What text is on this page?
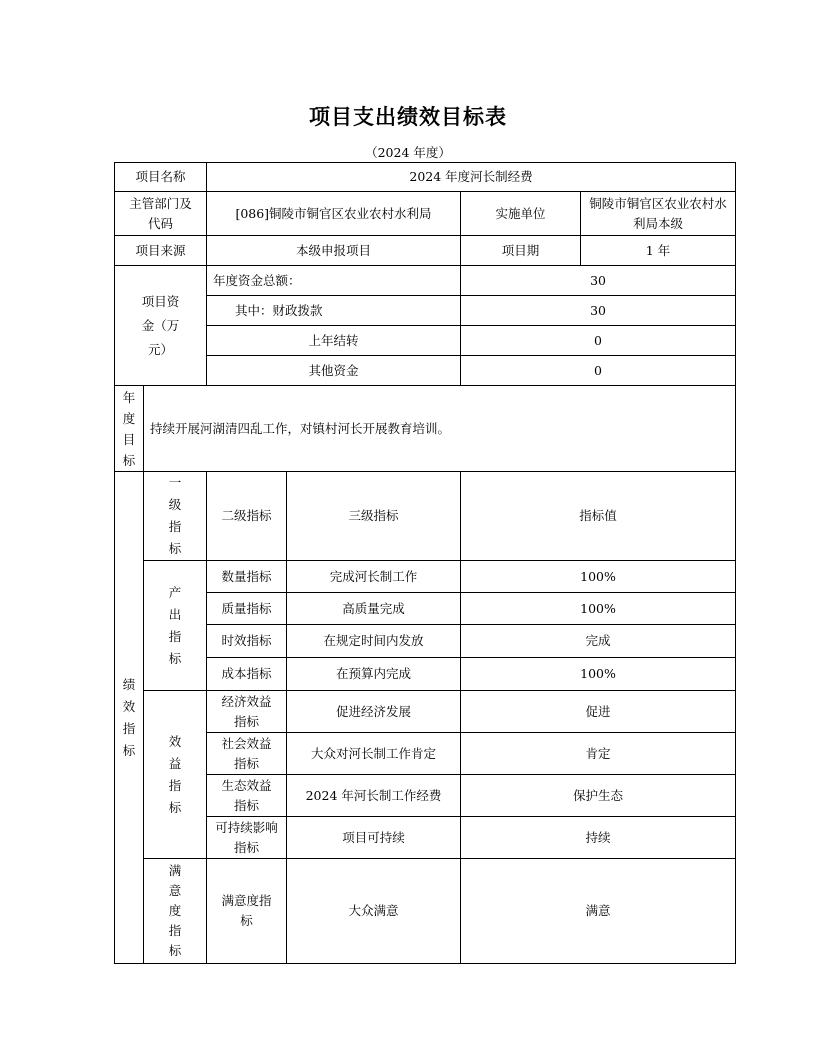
项目支出绩效目标表
（2024 年度）
项目名称		2024 年度河长制经费			

主管部门及代码		[086]铜陵市铜官区农业农村水利局		实施单位	铜陵市铜官区农业农村水利局本级

项目来源		本级申报项目		项目期	1 年

项目资金（万元）		年度资金总额：		30	
		其中：财政拨款		30	
		上年结转		0	
		其他资金		0	
年度目标	持续开展河湖清四乱工作，对镇村河长开展教育培训。				
绩效指标	一级指标	二级指标	三级指标	指标值	
	产出指标	数量指标	完成河长制工作	100%	
		质量指标	高质量完成	100%	
		时效指标	在规定时间内发放	完成	
		成本指标	在预算内完成	100%	
	效益指标	经济效益指标	促进经济发展	促进	

		社会效益指标	大众对河长制工作肯定	肯定	

		生态效益指标	2024 年河长制工作经费	保护生态	

		可持续影响指标	项目可持续	持续	
	满意度指标	满意度指标	大众满意	满意	
